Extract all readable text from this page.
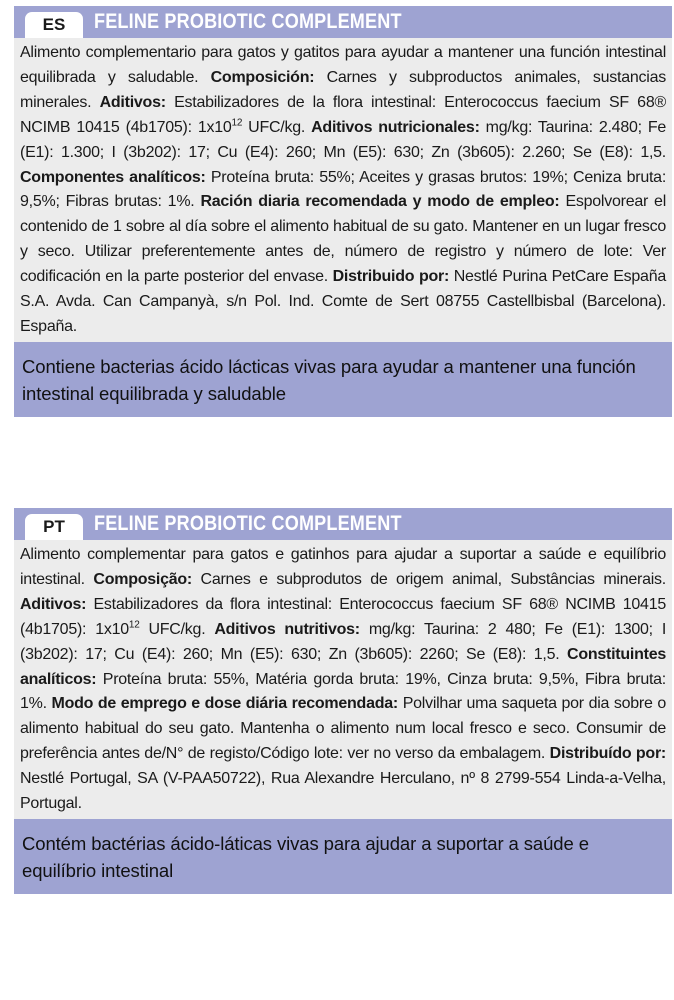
ES	FELINE PROBIOTIC COMPLEMENT
Alimento complementario para gatos y gatitos para ayudar a mantener una función intestinal equilibrada y saludable. Composición: Carnes y subproductos animales, sustancias minerales. Aditivos: Estabilizadores de la flora intestinal: Enterococcus faecium SF 68® NCIMB 10415 (4b1705): $1x10^{12}$ UFC/kg. Aditivos nutricionales: mg/kg: Taurina: 2.480; Fe (E1): 1.300; I (3b202): 17; Cu (E4): 260; Mn (E5): 630; Zn (3b605): 2.260; Se (E8): 1,5. Componentes analíticos: Proteína bruta: 55%; Aceites y grasas brutos: 19%; Ceniza bruta: 9,5%; Fibras brutas: 1%. Ración diaria recomendada y modo de empleo: Espolvorear el contenido de 1 sobre al día sobre el alimento habitual de su gato. Mantener en un lugar fresco y seco. Utilizar preferentemente antes de, número de registro y número de lote: Ver codificación en la parte posterior del envase. Distribuido por: Nestlé Purina PetCare España S.A. Avda. Can Campanyà, s/n Pol. Ind. Comte de Sert 08755 Castellbisbal (Barcelona). España.
Contiene bacterias ácido lácticas vivas para ayudar a mantener una función intestinal equilibrada y saludable
PT	FELINE PROBIOTIC COMPLEMENT
Alimento complementar para gatos e gatinhos para ajudar a suportar a saúde e equilíbrio intestinal. Composição: Carnes e subprodutos de origem animal, Substâncias minerais. Aditivos: Estabilizadores da flora intestinal: Enterococcus faecium SF 68® NCIMB 10415 (4b1705): $1x10^{12}$ UFC/kg. Aditivos nutritivos: mg/kg: Taurina: 2 480; Fe (E1): 1300; I (3b202): 17; Cu (E4): 260; Mn (E5): 630; Zn (3b605): 2260; Se (E8): 1,5. Constituintes analíticos: Proteína bruta: 55%, Matéria gorda bruta: 19%, Cinza bruta: 9,5%, Fibra bruta: 1%. Modo de emprego e dose diária recomendada: Polvilhar uma saqueta por dia sobre o alimento habitual do seu gato. Mantenha o alimento num local fresco e seco. Consumir de preferência antes de/N° de registo/Código lote: ver no verso da embalagem. Distribuído por: Nestlé Portugal, SA (V-PAA50722), Rua Alexandre Herculano, nº 8 2799-554 Linda-a-Velha, Portugal.
Contém bactérias ácido-láticas vivas para ajudar a suportar a saúde e equilíbrio intestinal
